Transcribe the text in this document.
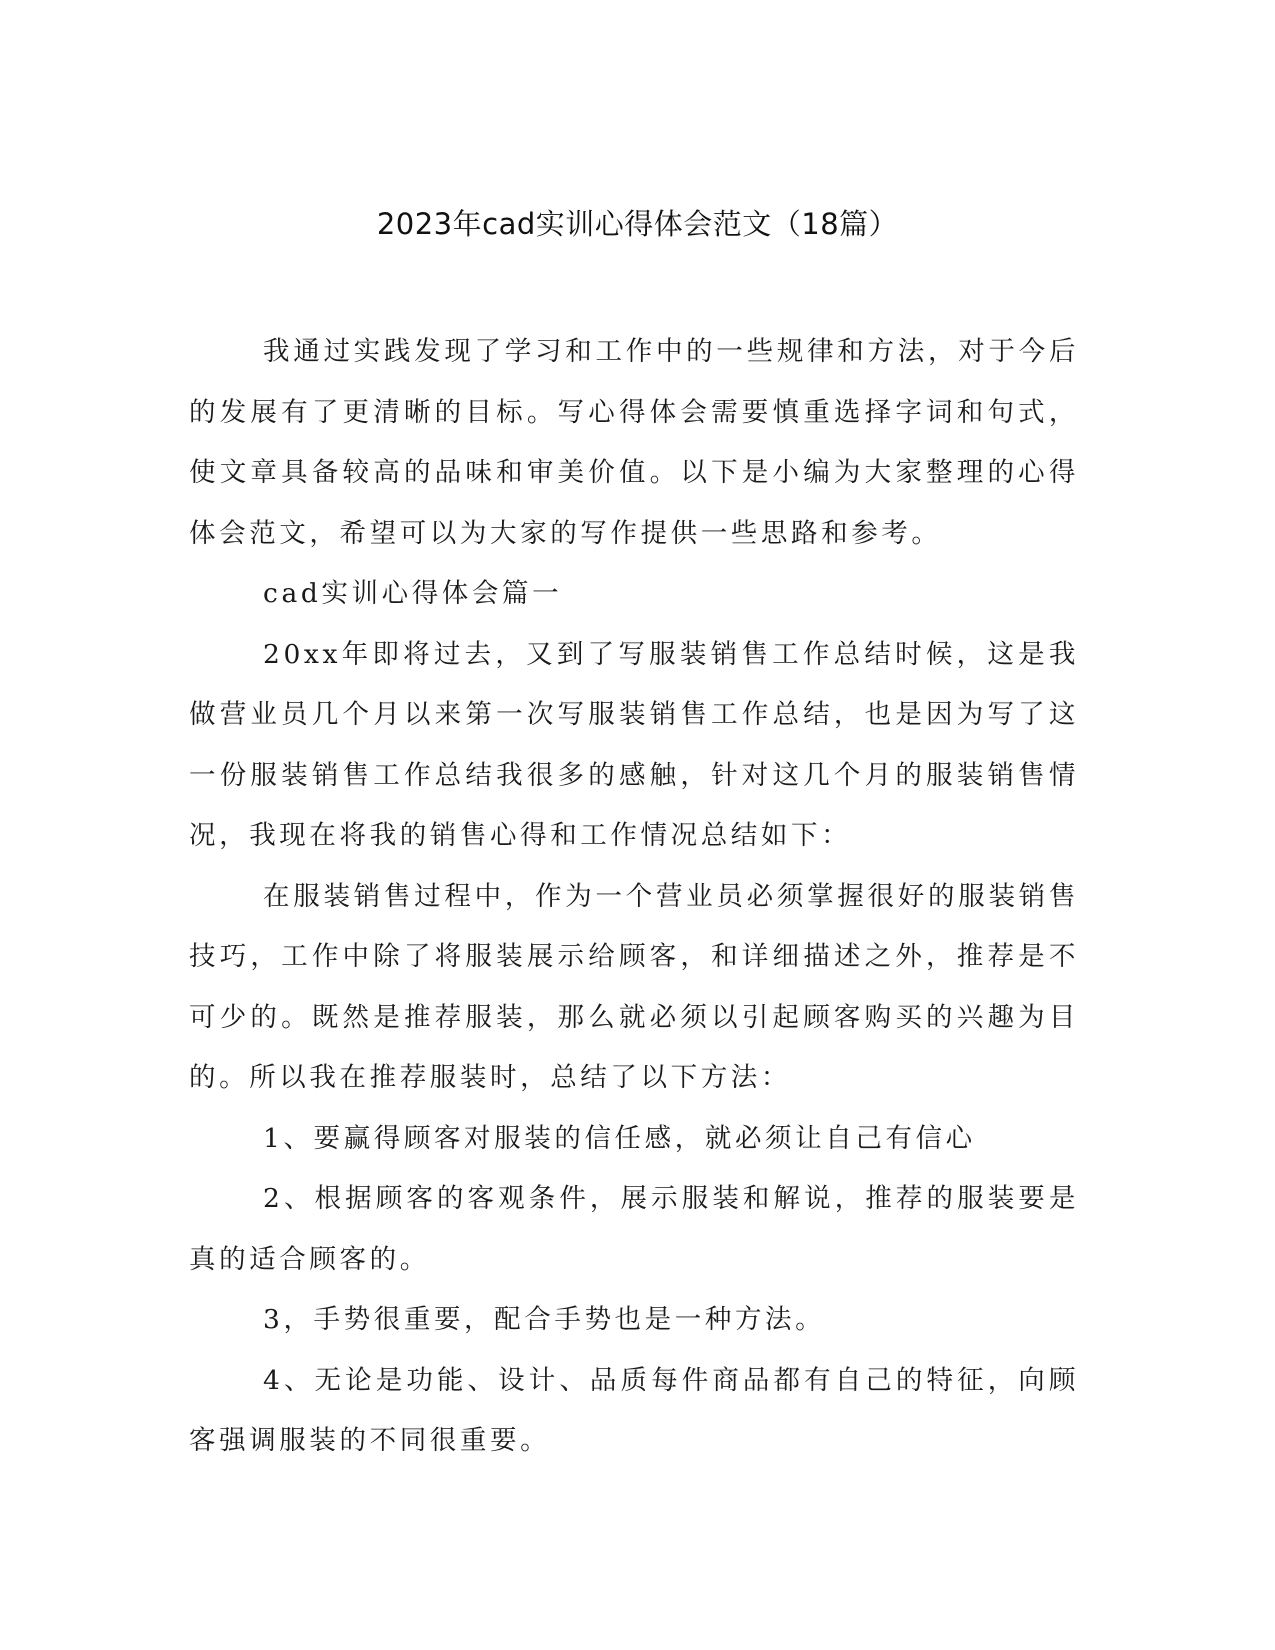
2023年cad实训心得体会范文（18篇）

我通过实践发现了学习和工作中的一些规律和方法，对于今后的发展有了更清晰的目标。写心得体会需要慎重选择字词和句式，使文章具备较高的品味和审美价值。以下是小编为大家整理的心得体会范文，希望可以为大家的写作提供一些思路和参考。

cad实训心得体会篇一

20xx年即将过去，又到了写服装销售工作总结时候，这是我做营业员几个月以来第一次写服装销售工作总结，也是因为写了这一份服装销售工作总结我很多的感触，针对这几个月的服装销售情况，我现在将我的销售心得和工作情况总结如下：

在服装销售过程中，作为一个营业员必须掌握很好的服装销售技巧，工作中除了将服装展示给顾客，和详细描述之外，推荐是不可少的。既然是推荐服装，那么就必须以引起顾客购买的兴趣为目的。所以我在推荐服装时，总结了以下方法：

1、要赢得顾客对服装的信任感，就必须让自己有信心

2、根据顾客的客观条件，展示服装和解说，推荐的服装要是真的适合顾客的。

3，手势很重要，配合手势也是一种方法。

4、无论是功能、设计、品质每件商品都有自己的特征，向顾客强调服装的不同很重要。
